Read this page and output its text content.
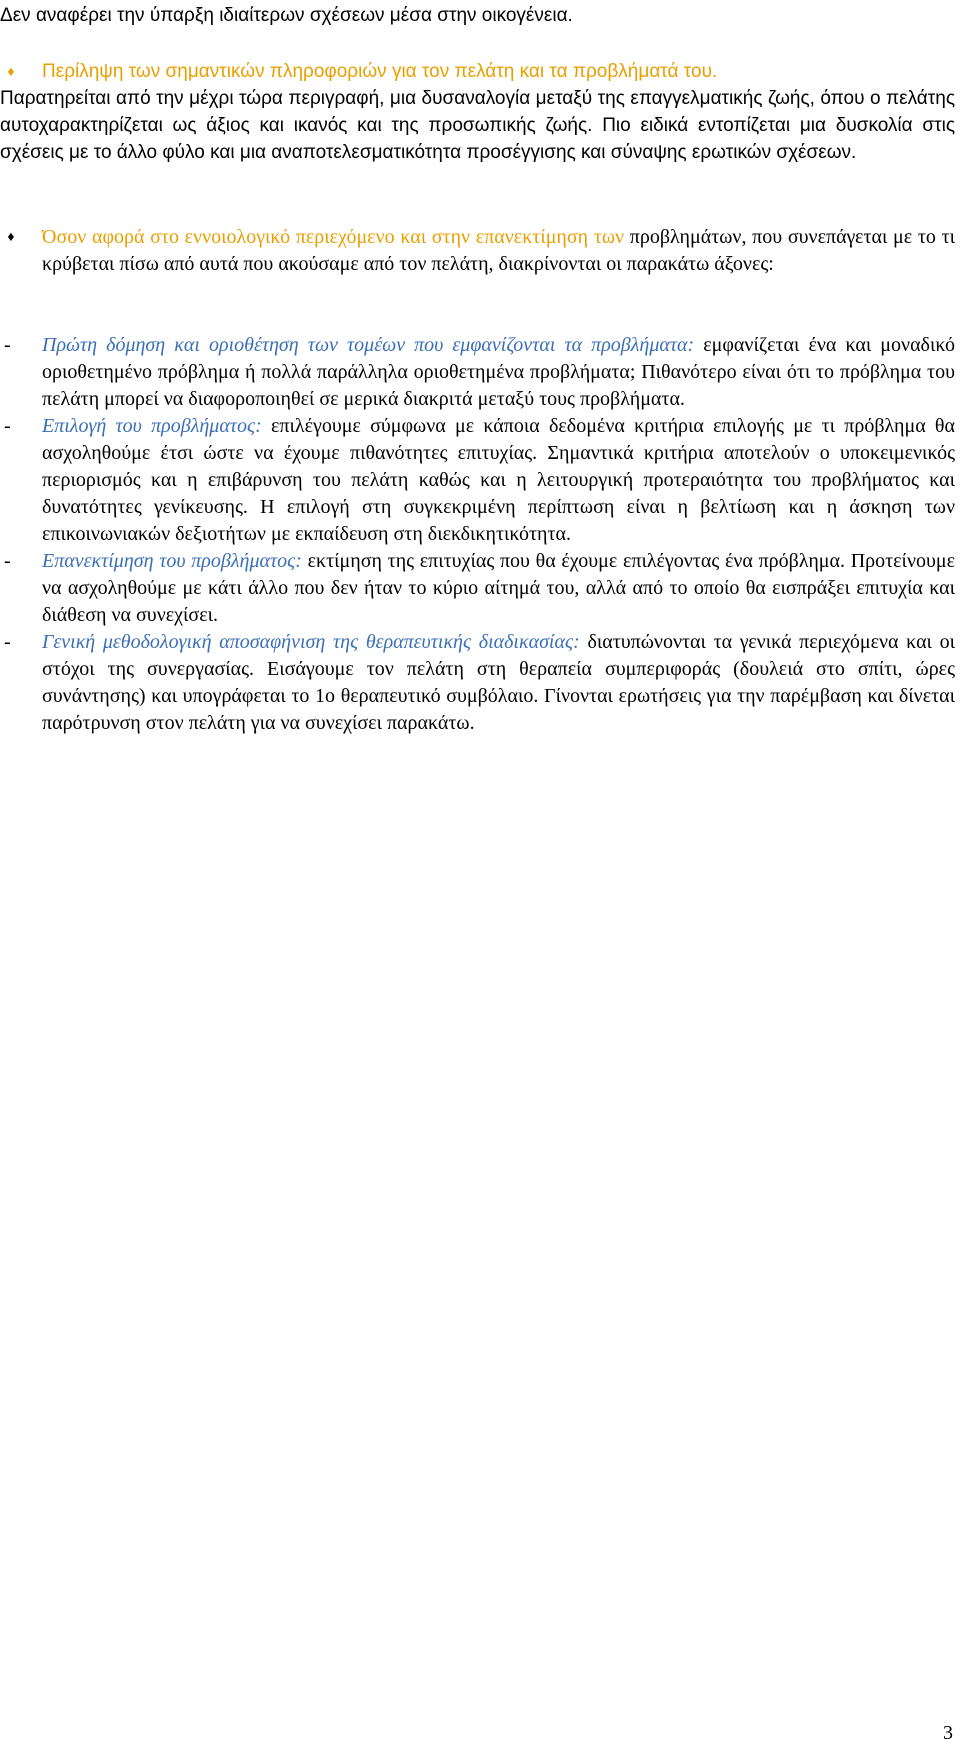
Δεν αναφέρει την ύπαρξη ιδιαίτερων σχέσεων μέσα στην οικογένεια.

♦ Περίληψη των σημαντικών πληροφοριών για τον πελάτη και τα προβλήματά του.

Παρατηρείται από την μέχρι τώρα περιγραφή, μια δυσαναλογία μεταξύ της επαγγελματικής ζωής, όπου ο πελάτης αυτοχαρακτηρίζεται ως άξιος και ικανός και της προσωπικής ζωής. Πιο ειδικά εντοπίζεται μια δυσκολία στις σχέσεις με το άλλο φύλο και μια αναποτελεσματικότητα προσέγγισης και σύναψης ερωτικών σχέσεων.

♦ Όσον αφορά στο εννοιολογικό περιεχόμενο και στην επανεκτίμηση των προβλημάτων, που συνεπάγεται με το τι κρύβεται πίσω από αυτά που ακούσαμε από τον πελάτη, διακρίνονται οι παρακάτω άξονες:

- Πρώτη δόμηση και οριοθέτηση των τομέων που εμφανίζονται τα προβλήματα: εμφανίζεται ένα και μοναδικό οριοθετημένο πρόβλημα ή πολλά παράλληλα οριοθετημένα προβλήματα; Πιθανότερο είναι ότι το πρόβλημα του πελάτη μπορεί να διαφοροποιηθεί σε μερικά διακριτά μεταξύ τους προβλήματα.

- Επιλογή του προβλήματος: επιλέγουμε σύμφωνα με κάποια δεδομένα κριτήρια επιλογής με τι πρόβλημα θα ασχοληθούμε έτσι ώστε να έχουμε πιθανότητες επιτυχίας. Σημαντικά κριτήρια αποτελούν ο υποκειμενικός περιορισμός και η επιβάρυνση του πελάτη καθώς και η λειτουργική προτεραιότητα του προβλήματος και δυνατότητες γενίκευσης. Η επιλογή στη συγκεκριμένη περίπτωση είναι η βελτίωση και η άσκηση των επικοινωνιακών δεξιοτήτων με εκπαίδευση στη διεκδικητικότητα.

- Επανεκτίμηση του προβλήματος: εκτίμηση της επιτυχίας που θα έχουμε επιλέγοντας ένα πρόβλημα. Προτείνουμε να ασχοληθούμε με κάτι άλλο που δεν ήταν το κύριο αίτημά του, αλλά από το οποίο θα εισπράξει επιτυχία και διάθεση να συνεχίσει.

- Γενική μεθοδολογική αποσαφήνιση της θεραπευτικής διαδικασίας: διατυπώνονται τα γενικά περιεχόμενα και οι στόχοι της συνεργασίας. Εισάγουμε τον πελάτη στη θεραπεία συμπεριφοράς (δουλειά στο σπίτι, ώρες συνάντησης) και υπογράφεται το 1ο θεραπευτικό συμβόλαιο. Γίνονται ερωτήσεις για την παρέμβαση και δίνεται παρότρυνση στον πελάτη για να συνεχίσει παρακάτω.

3
